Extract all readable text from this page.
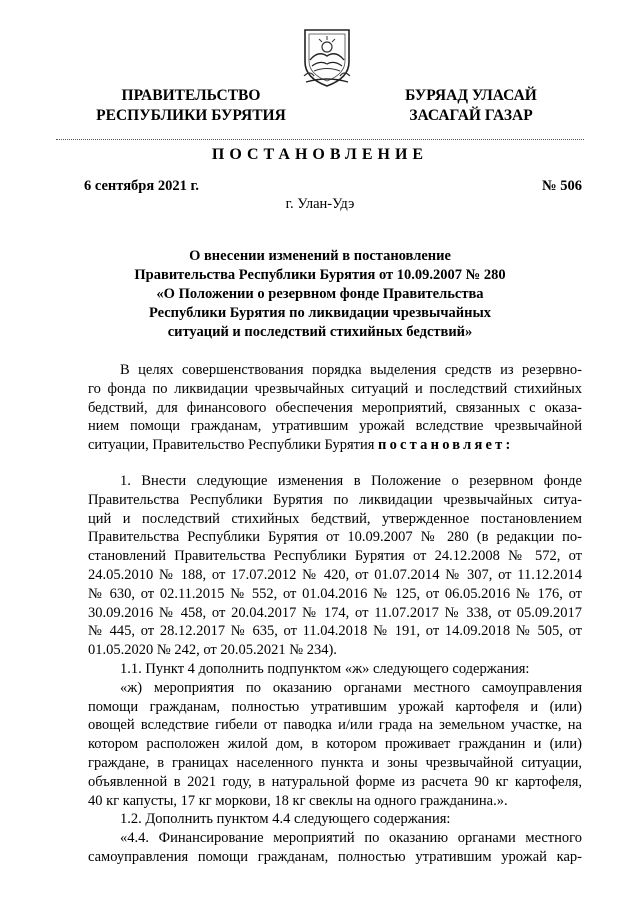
ПРАВИТЕЛЬСТВО
РЕСПУБЛИКИ БУРЯТИЯ
БУРЯАД УЛАСАЙ
ЗАСАГАЙ ГАЗАР
ПОСТАНОВЛЕНИЕ
6 сентября 2021 г.	№ 506
г. Улан-Удэ
О внесении изменений в постановление
Правительства Республики Бурятия от 10.09.2007 № 280
«О Положении о резервном фонде Правительства
Республики Бурятия по ликвидации чрезвычайных
ситуаций и последствий стихийных бедствий»
В целях совершенствования порядка выделения средств из резервно-
го фонда по ликвидации чрезвычайных ситуаций и последствий стихийных
бедствий, для финансового обеспечения мероприятий, связанных с оказа-
нием помощи гражданам, утратившим урожай вследствие чрезвычайной
ситуации, Правительство Республики Бурятия постановляет:
1. Внести следующие изменения в Положение о резервном фонде
Правительства Республики Бурятия по ликвидации чрезвычайных ситуа-
ций и последствий стихийных бедствий, утвержденное постановлением
Правительства Республики Бурятия от 10.09.2007 № 280 (в редакции по-
становлений Правительства Республики Бурятия от 24.12.2008 № 572, от
24.05.2010 № 188, от 17.07.2012 № 420, от 01.07.2014 № 307, от 11.12.2014
№ 630, от 02.11.2015 № 552, от 01.04.2016 № 125, от 06.05.2016 № 176, от
30.09.2016 № 458, от 20.04.2017 № 174, от 11.07.2017 № 338, от 05.09.2017
№ 445, от 28.12.2017 № 635, от 11.04.2018 № 191, от 14.09.2018 № 505, от
01.05.2020 № 242, от 20.05.2021 № 234).
1.1. Пункт 4 дополнить подпунктом «ж» следующего содержания:
«ж) мероприятия по оказанию органами местного самоуправления
помощи гражданам, полностью утратившим урожай картофеля и (или)
овощей вследствие гибели от паводка и/или града на земельном участке, на
котором расположен жилой дом, в котором проживает гражданин и (или)
граждане, в границах населенного пункта и зоны чрезвычайной ситуации,
объявленной в 2021 году, в натуральной форме из расчета 90 кг картофеля,
40 кг капусты, 17 кг моркови, 18 кг свеклы на одного гражданина.».
1.2. Дополнить пунктом 4.4 следующего содержания:
«4.4. Финансирование мероприятий по оказанию органами местного
самоуправления помощи гражданам, полностью утратившим урожай кар-
